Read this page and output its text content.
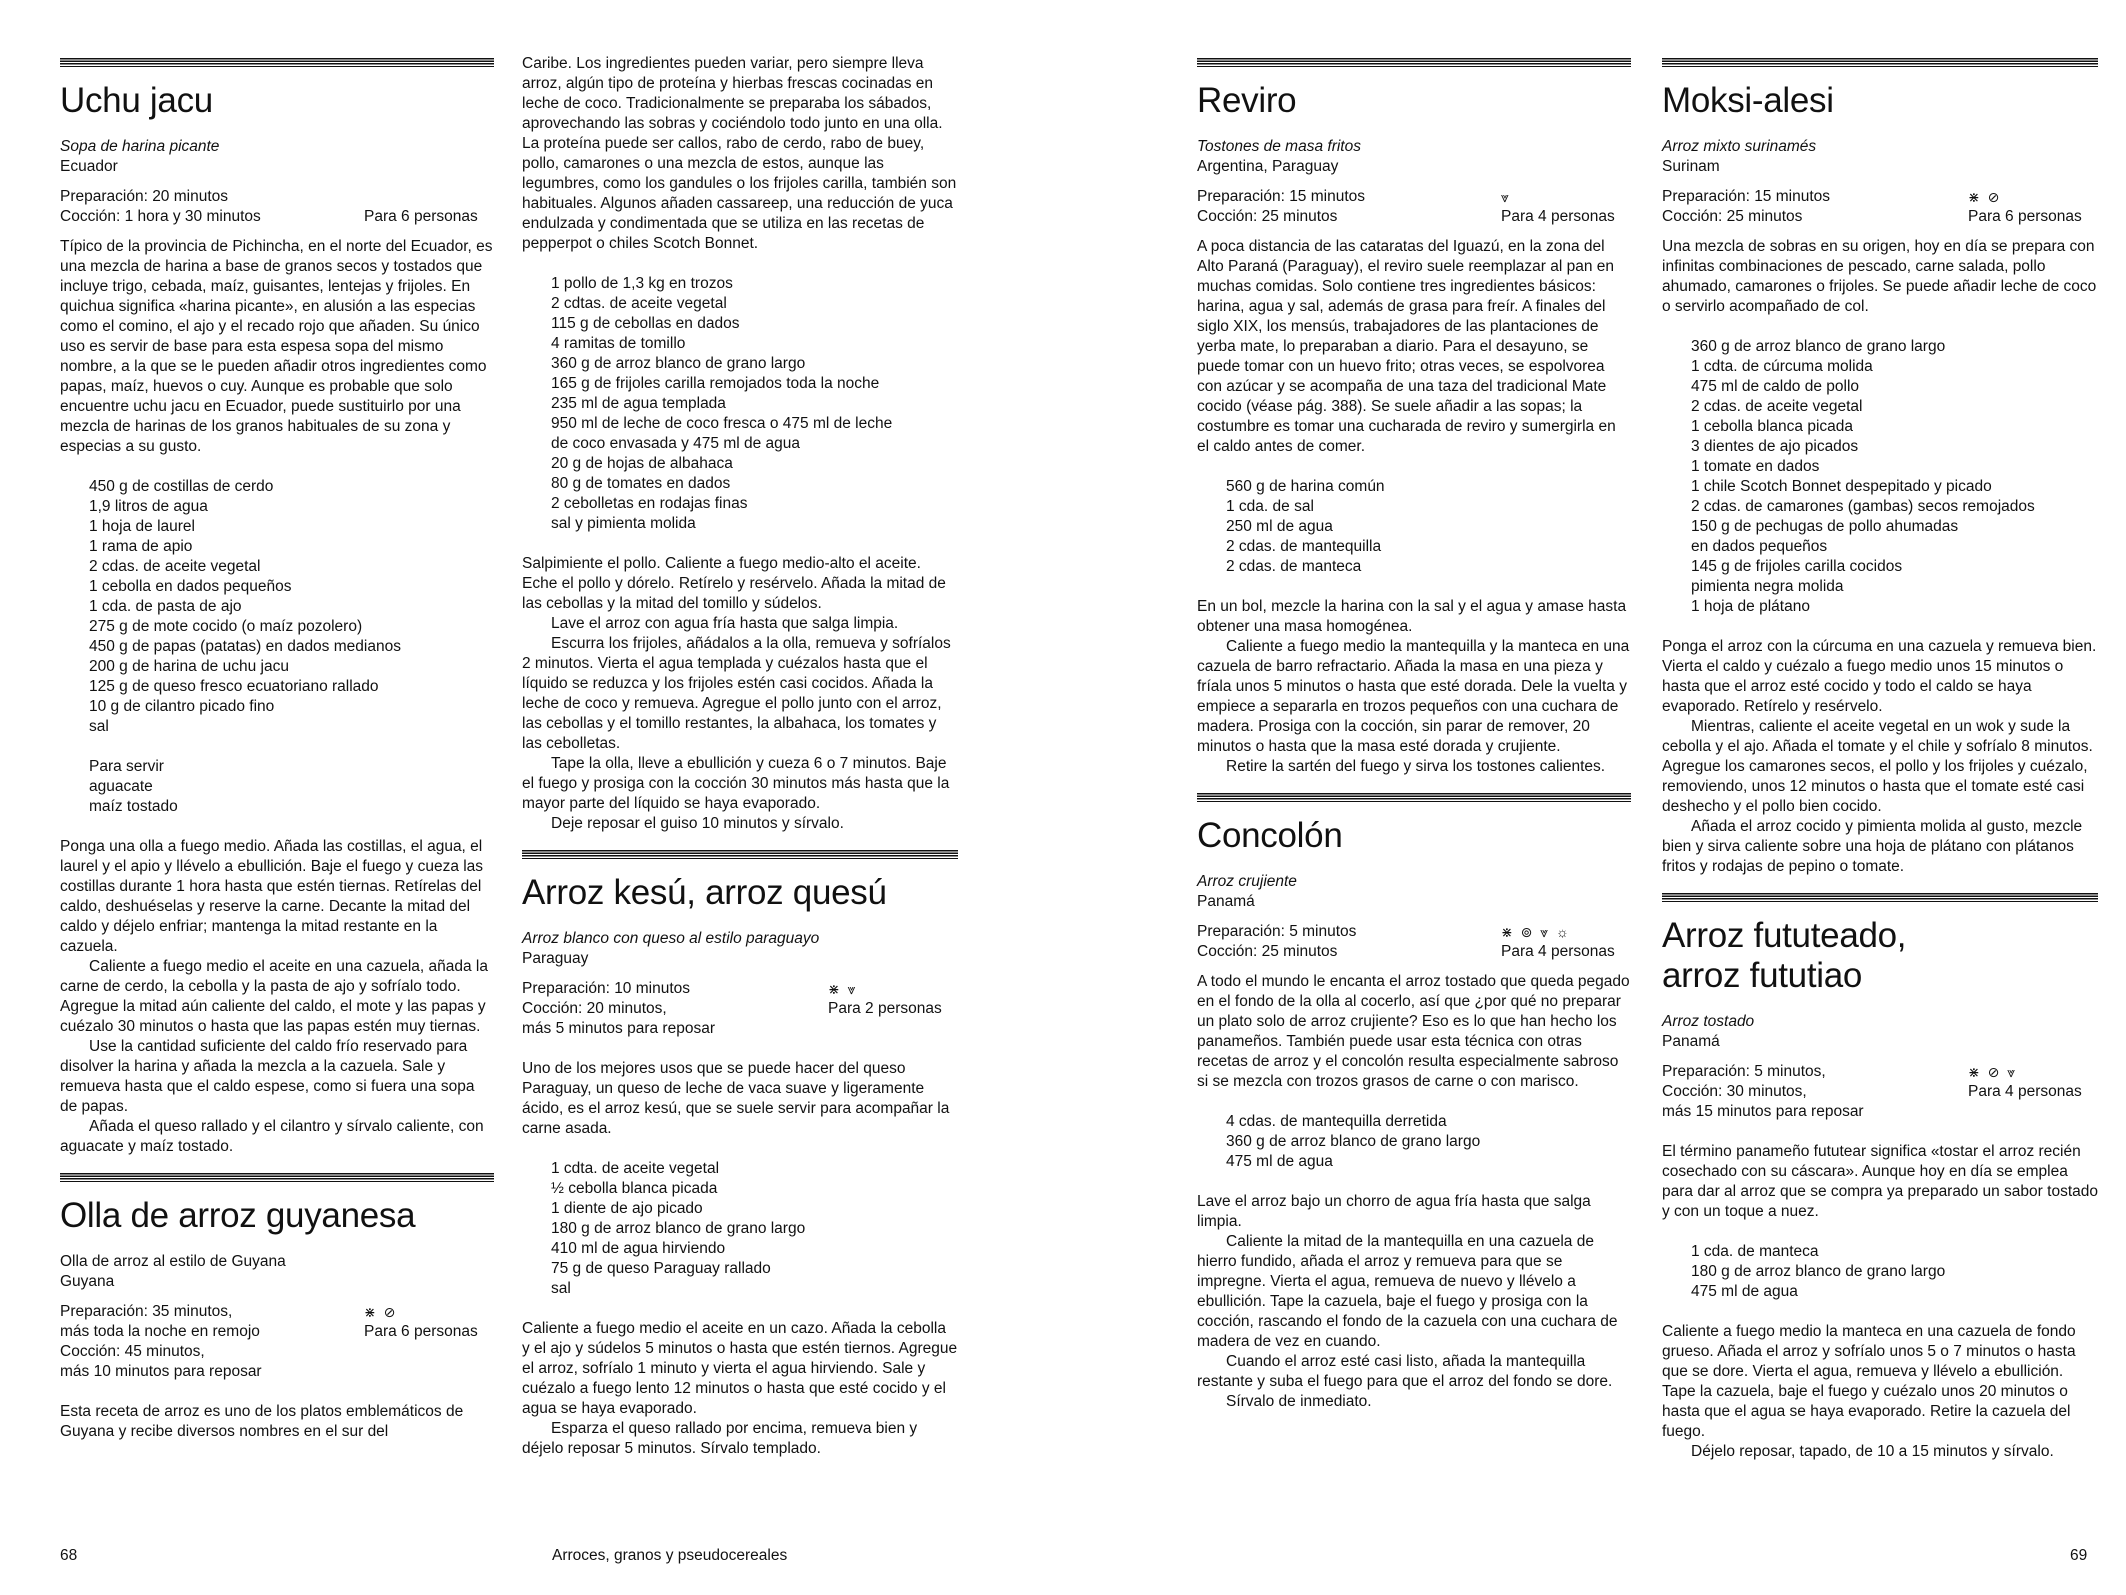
Uchu jacu
Sopa de harina picante
Ecuador
Preparación: 20 minutos
Cocción: 1 hora y 30 minutos	Para 6 personas

Típico de la provincia de Pichincha, en el norte del Ecuador, es una mezcla de harina a base de granos secos y tostados que incluye trigo, cebada, maíz, guisantes, lentejas y frijoles. En quichua significa «harina picante», en alusión a las especias como el comino, el ajo y el recado rojo que añaden. Su único uso es servir de base para esta espesa sopa del mismo nombre, a la que se le pueden añadir otros ingredientes como papas, maíz, huevos o cuy. Aunque es probable que solo encuentre uchu jacu en Ecuador, puede sustituirlo por una mezcla de harinas de los granos habituales de su zona y especias a su gusto.

450 g de costillas de cerdo
1,9 litros de agua
1 hoja de laurel
1 rama de apio
2 cdas. de aceite vegetal
1 cebolla en dados pequeños
1 cda. de pasta de ajo
275 g de mote cocido (o maíz pozolero)
450 g de papas (patatas) en dados medianos
200 g de harina de uchu jacu
125 g de queso fresco ecuatoriano rallado
10 g de cilantro picado fino
sal
Para servir
aguacate
maíz tostado

Ponga una olla a fuego medio. Añada las costillas, el agua, el laurel y el apio y llévelo a ebullición. Baje el fuego y cueza las costillas durante 1 hora hasta que estén tiernas. Retírelas del caldo, deshuéselas y reserve la carne. Decante la mitad del caldo y déjelo enfriar; mantenga la mitad restante en la cazuela.

Caliente a fuego medio el aceite en una cazuela, añada la carne de cerdo, la cebolla y la pasta de ajo y sofríalo todo. Agregue la mitad aún caliente del caldo, el mote y las papas y cuézalo 30 minutos o hasta que las papas estén muy tiernas.

Use la cantidad suficiente del caldo frío reservado para disolver la harina y añada la mezcla a la cazuela. Sale y remueva hasta que el caldo espese, como si fuera una sopa de papas.

Añada el queso rallado y el cilantro y sírvalo caliente, con aguacate y maíz tostado.

Olla de arroz guyanesa
Olla de arroz al estilo de Guyana
Guyana
Preparación: 35 minutos,
más toda la noche en remojo
Cocción: 45 minutos,
más 10 minutos para reposar
⋇ ⊘
Para 6 personas

Esta receta de arroz es uno de los platos emblemáticos de Guyana y recibe diversos nombres en el sur del

Caribe. Los ingredientes pueden variar, pero siempre lleva arroz, algún tipo de proteína y hierbas frescas cocinadas en leche de coco. Tradicionalmente se preparaba los sábados, aprovechando las sobras y cociéndolo todo junto en una olla. La proteína puede ser callos, rabo de cerdo, rabo de buey, pollo, camarones o una mezcla de estos, aunque las legumbres, como los gandules o los frijoles carilla, también son habituales. Algunos añaden cassareep, una reducción de yuca endulzada y condimentada que se utiliza en las recetas de pepperpot o chiles Scotch Bonnet.

1 pollo de 1,3 kg en trozos
2 cdtas. de aceite vegetal
115 g de cebollas en dados
4 ramitas de tomillo
360 g de arroz blanco de grano largo
165 g de frijoles carilla remojados toda la noche
235 ml de agua templada
950 ml de leche de coco fresca o 475 ml de leche
de coco envasada y 475 ml de agua
20 g de hojas de albahaca
80 g de tomates en dados
2 cebolletas en rodajas finas
sal y pimienta molida

Salpimiente el pollo. Caliente a fuego medio-alto el aceite. Eche el pollo y dórelo. Retírelo y resérvelo. Añada la mitad de las cebollas y la mitad del tomillo y súdelos.

Lave el arroz con agua fría hasta que salga limpia.

Escurra los frijoles, añádalos a la olla, remueva y sofríalos 2 minutos. Vierta el agua templada y cuézalos hasta que el líquido se reduzca y los frijoles estén casi cocidos. Añada la leche de coco y remueva. Agregue el pollo junto con el arroz, las cebollas y el tomillo restantes, la albahaca, los tomates y las cebolletas.

Tape la olla, lleve a ebullición y cueza 6 o 7 minutos. Baje el fuego y prosiga con la cocción 30 minutos más hasta que la mayor parte del líquido se haya evaporado.

Deje reposar el guiso 10 minutos y sírvalo.

Arroz kesú, arroz quesú
Arroz blanco con queso al estilo paraguayo
Paraguay
Preparación: 10 minutos
Cocción: 20 minutos,
más 5 minutos para reposar
⋇ ⩔
Para 2 personas

Uno de los mejores usos que se puede hacer del queso Paraguay, un queso de leche de vaca suave y ligeramente ácido, es el arroz kesú, que se suele servir para acompañar la carne asada.

1 cdta. de aceite vegetal
½ cebolla blanca picada
1 diente de ajo picado
180 g de arroz blanco de grano largo
410 ml de agua hirviendo
75 g de queso Paraguay rallado
sal

Caliente a fuego medio el aceite en un cazo. Añada la cebolla y el ajo y súdelos 5 minutos o hasta que estén tiernos. Agregue el arroz, sofríalo 1 minuto y vierta el agua hirviendo. Sale y cuézalo a fuego lento 12 minutos o hasta que esté cocido y el agua se haya evaporado.

Esparza el queso rallado por encima, remueva bien y déjelo reposar 5 minutos. Sírvalo templado.

Reviro
Tostones de masa fritos
Argentina, Paraguay
Preparación: 15 minutos
Cocción: 25 minutos
⩔
Para 4 personas

A poca distancia de las cataratas del Iguazú, en la zona del Alto Paraná (Paraguay), el reviro suele reemplazar al pan en muchas comidas. Solo contiene tres ingredientes básicos: harina, agua y sal, además de grasa para freír. A finales del siglo XIX, los mensús, trabajadores de las plantaciones de yerba mate, lo preparaban a diario. Para el desayuno, se puede tomar con un huevo frito; otras veces, se espolvorea con azúcar y se acompaña de una taza del tradicional Mate cocido (véase pág. 388). Se suele añadir a las sopas; la costumbre es tomar una cucharada de reviro y sumergirla en el caldo antes de comer.

560 g de harina común
1 cda. de sal
250 ml de agua
2 cdas. de mantequilla
2 cdas. de manteca

En un bol, mezcle la harina con la sal y el agua y amase hasta obtener una masa homogénea.

Caliente a fuego medio la mantequilla y la manteca en una cazuela de barro refractario. Añada la masa en una pieza y fríala unos 5 minutos o hasta que esté dorada. Dele la vuelta y empiece a separarla en trozos pequeños con una cuchara de madera. Prosiga con la cocción, sin parar de remover, 20 minutos o hasta que la masa esté dorada y crujiente.

Retire la sartén del fuego y sirva los tostones calientes.

Concolón
Arroz crujiente
Panamá
Preparación: 5 minutos
Cocción: 25 minutos
⋇ ⊚ ⩔ ☼
Para 4 personas

A todo el mundo le encanta el arroz tostado que queda pegado en el fondo de la olla al cocerlo, así que ¿por qué no preparar un plato solo de arroz crujiente? Eso es lo que han hecho los panameños. También puede usar esta técnica con otras recetas de arroz y el concolón resulta especialmente sabroso si se mezcla con trozos grasos de carne o con marisco.

4 cdas. de mantequilla derretida
360 g de arroz blanco de grano largo
475 ml de agua

Lave el arroz bajo un chorro de agua fría hasta que salga limpia.

Caliente la mitad de la mantequilla en una cazuela de hierro fundido, añada el arroz y remueva para que se impregne. Vierta el agua, remueva de nuevo y llévelo a ebullición. Tape la cazuela, baje el fuego y prosiga con la cocción, rascando el fondo de la cazuela con una cuchara de madera de vez en cuando.

Cuando el arroz esté casi listo, añada la mantequilla restante y suba el fuego para que el arroz del fondo se dore.

Sírvalo de inmediato.

Moksi-alesi
Arroz mixto surinamés
Surinam
Preparación: 15 minutos
Cocción: 25 minutos
⋇ ⊘
Para 6 personas

Una mezcla de sobras en su origen, hoy en día se prepara con infinitas combinaciones de pescado, carne salada, pollo ahumado, camarones o frijoles. Se puede añadir leche de coco o servirlo acompañado de col.

360 g de arroz blanco de grano largo
1 cdta. de cúrcuma molida
475 ml de caldo de pollo
2 cdas. de aceite vegetal
1 cebolla blanca picada
3 dientes de ajo picados
1 tomate en dados
1 chile Scotch Bonnet despepitado y picado
2 cdas. de camarones (gambas) secos remojados
150 g de pechugas de pollo ahumadas
en dados pequeños
145 g de frijoles carilla cocidos
pimienta negra molida
1 hoja de plátano

Ponga el arroz con la cúrcuma en una cazuela y remueva bien. Vierta el caldo y cuézalo a fuego medio unos 15 minutos o hasta que el arroz esté cocido y todo el caldo se haya evaporado. Retírelo y resérvelo.

Mientras, caliente el aceite vegetal en un wok y sude la cebolla y el ajo. Añada el tomate y el chile y sofríalo 8 minutos. Agregue los camarones secos, el pollo y los frijoles y cuézalo, removiendo, unos 12 minutos o hasta que el tomate esté casi deshecho y el pollo bien cocido.

Añada el arroz cocido y pimienta molida al gusto, mezcle bien y sirva caliente sobre una hoja de plátano con plátanos fritos y rodajas de pepino o tomate.

Arroz fututeado,
arroz fututiao
Arroz tostado
Panamá
Preparación: 5 minutos,
Cocción: 30 minutos,
más 15 minutos para reposar
⋇ ⊘ ⩔
Para 4 personas

El término panameño fututear significa «tostar el arroz recién cosechado con su cáscara». Aunque hoy en día se emplea para dar al arroz que se compra ya preparado un sabor tostado y con un toque a nuez.

1 cda. de manteca
180 g de arroz blanco de grano largo
475 ml de agua

Caliente a fuego medio la manteca en una cazuela de fondo grueso. Añada el arroz y sofríalo unos 5 o 7 minutos o hasta que se dore. Vierta el agua, remueva y llévelo a ebullición. Tape la cazuela, baje el fuego y cuézalo unos 20 minutos o hasta que el agua se haya evaporado. Retire la cazuela del fuego.

Déjelo reposar, tapado, de 10 a 15 minutos y sírvalo.

68	Arroces, granos y pseudocereales	69
